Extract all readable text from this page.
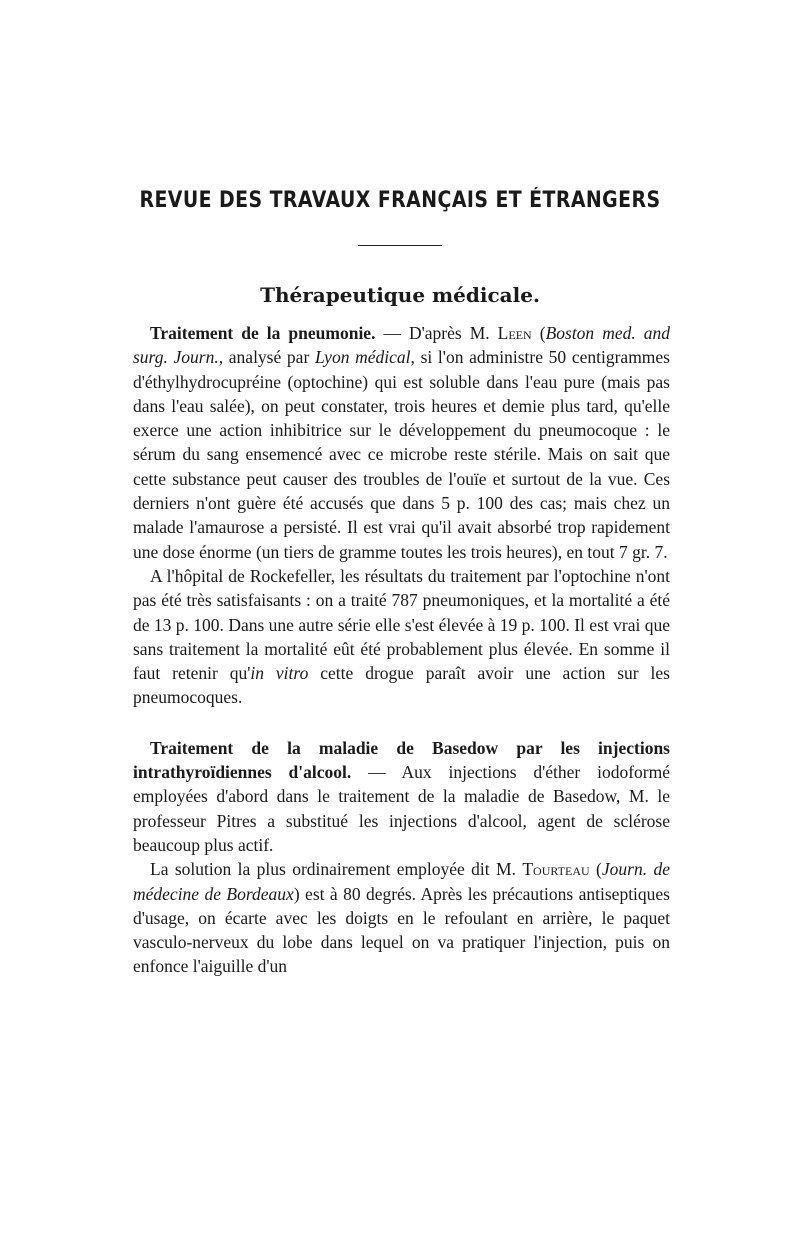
REVUE DES TRAVAUX FRANÇAIS ET ÉTRANGERS
Thérapeutique médicale.

Traitement de la pneumonie. — D'après M. Leen (Boston med. and surg. Journ., analysé par Lyon médical, si l'on administre 50 centigrammes d'éthylhydrocupréine (optochine) qui est soluble dans l'eau pure (mais pas dans l'eau salée), on peut constater, trois heures et demie plus tard, qu'elle exerce une action inhibitrice sur le développement du pneumocoque : le sérum du sang ensemencé avec ce microbe reste stérile. Mais on sait que cette substance peut causer des troubles de l'ouïe et surtout de la vue. Ces derniers n'ont guère été accusés que dans 5 p. 100 des cas; mais chez un malade l'amaurose a persisté. Il est vrai qu'il avait absorbé trop rapidement une dose énorme (un tiers de gramme toutes les trois heures), en tout 7 gr. 7.

A l'hôpital de Rockefeller, les résultats du traitement par l'optochine n'ont pas été très satisfaisants : on a traité 787 pneumoniques, et la mortalité a été de 13 p. 100. Dans une autre série elle s'est élevée à 19 p. 100. Il est vrai que sans traitement la mortalité eût été probablement plus élevée. En somme il faut retenir qu'in vitro cette drogue paraît avoir une action sur les pneumocoques.

Traitement de la maladie de Basedow par les injections intrathyroïdiennes d'alcool. — Aux injections d'éther iodoformé employées d'abord dans le traitement de la maladie de Basedow, M. le professeur Pitres a substitué les injections d'alcool, agent de sclérose beaucoup plus actif.

La solution la plus ordinairement employée dit M. Tourteau (Journ. de médecine de Bordeaux) est à 80 degrés. Après les précautions antiseptiques d'usage, on écarte avec les doigts en le refoulant en arrière, le paquet vasculo-nerveux du lobe dans lequel on va pratiquer l'injection, puis on enfonce l'aiguille d'un
